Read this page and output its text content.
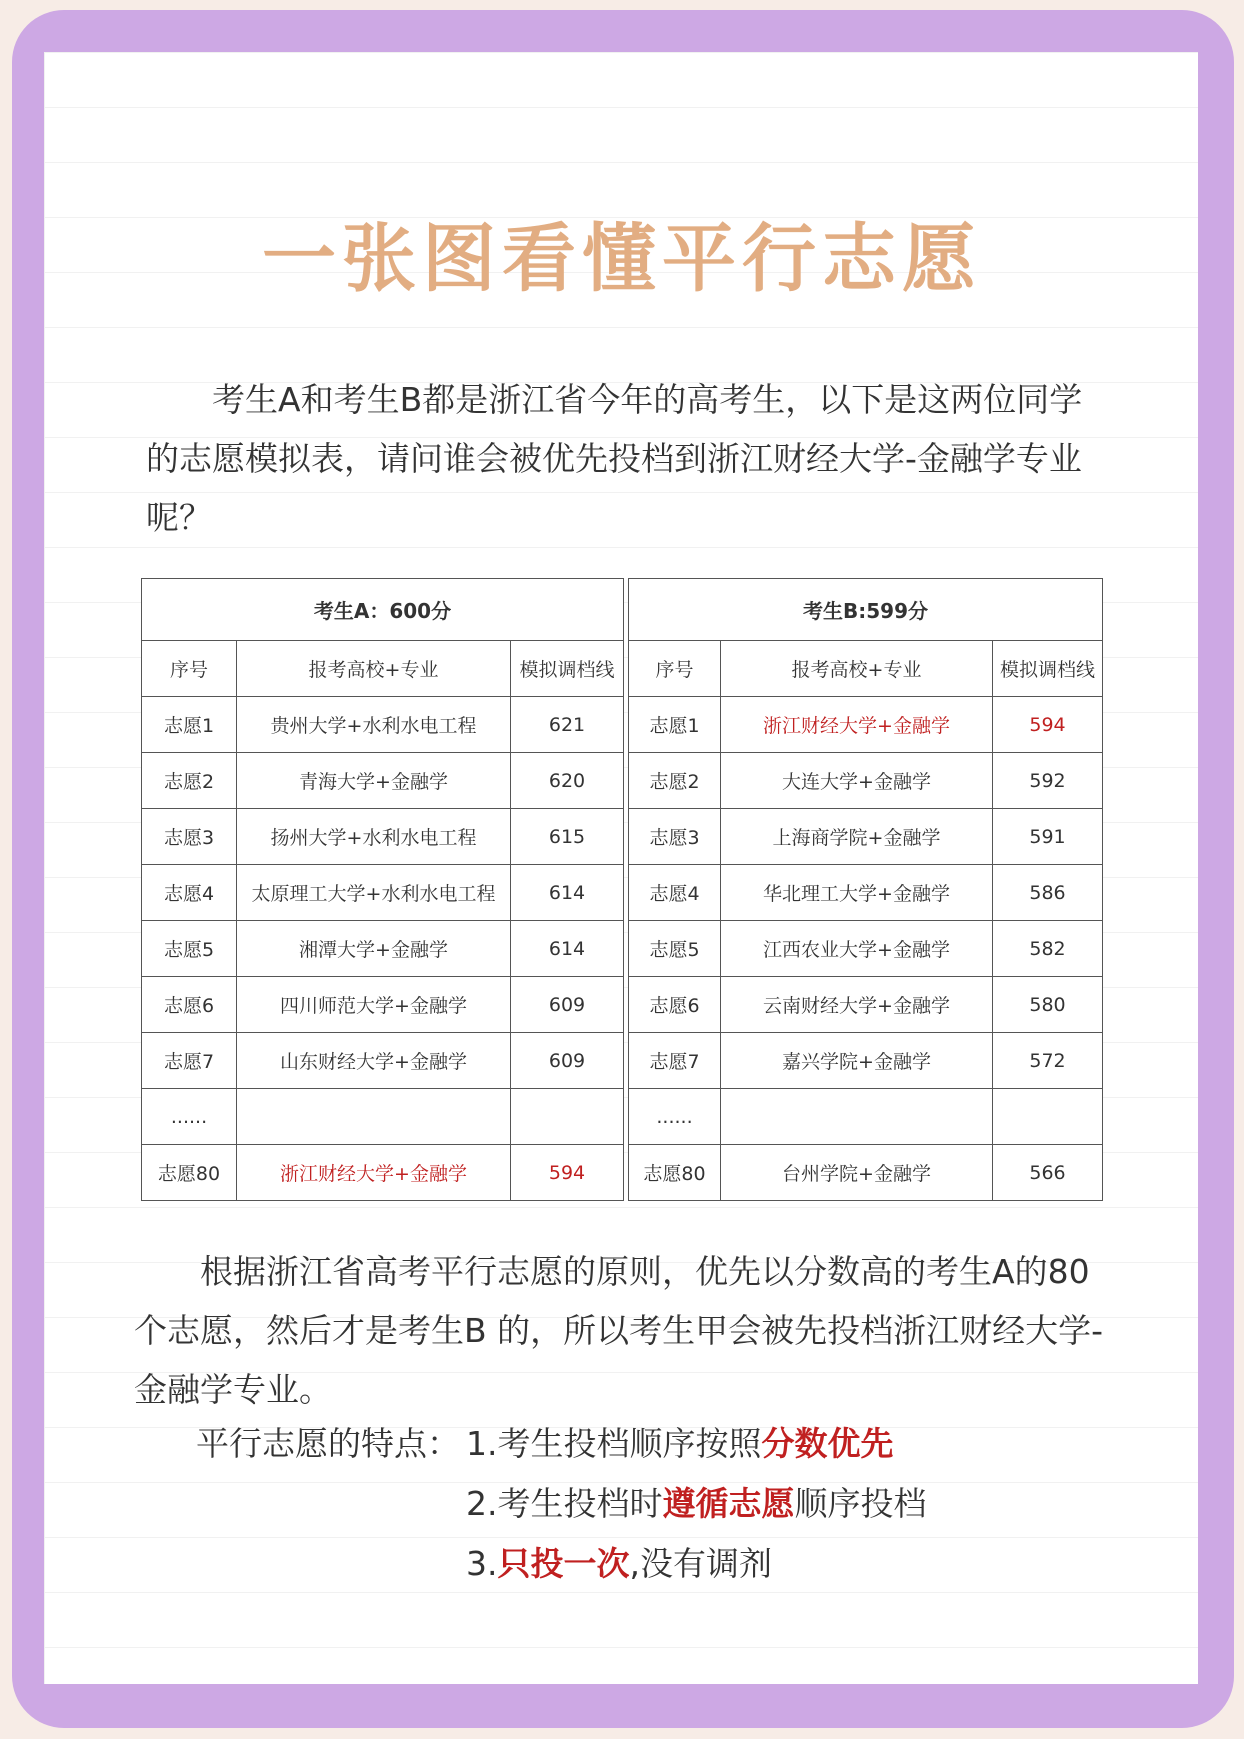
一张图看懂平行志愿

考生A和考生B都是浙江省今年的高考生，以下是这两位同学的志愿模拟表，请问谁会被优先投档到浙江财经大学-金融学专业呢？

考生A：600分		
序号	报考高校+专业	模拟调档线
志愿1	贵州大学+水利水电工程	621
志愿2	青海大学+金融学	620
志愿3	扬州大学+水利水电工程	615
志愿4	太原理工大学+水利水电工程	614
志愿5	湘潭大学+金融学	614
志愿6	四川师范大学+金融学	609
志愿7	山东财经大学+金融学	609
......		
志愿80	浙江财经大学+金融学	594
考生B:599分		
序号	报考高校+专业	模拟调档线
志愿1	浙江财经大学+金融学	594
志愿2	大连大学+金融学	592
志愿3	上海商学院+金融学	591
志愿4	华北理工大学+金融学	586
志愿5	江西农业大学+金融学	582
志愿6	云南财经大学+金融学	580
志愿7	嘉兴学院+金融学	572
......		
志愿80	台州学院+金融学	566

根据浙江省高考平行志愿的原则，优先以分数高的考生A的80个志愿，然后才是考生B 的，所以考生甲会被先投档浙江财经大学-金融学专业。

平行志愿的特点： 1.考生投档顺序按照分数优先
2.考生投档时遵循志愿顺序投档
3.只投一次,没有调剂
